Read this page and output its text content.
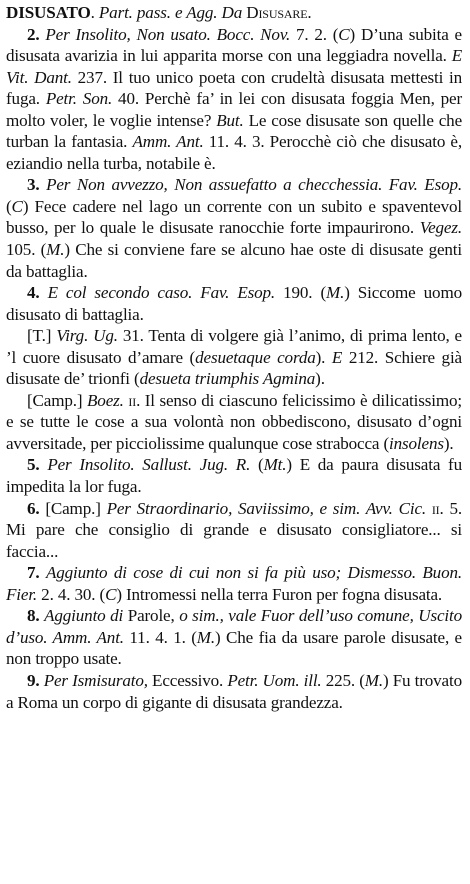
DISUSATO. Part. pass. e Agg. Da Disusare.

2. Per Insolito, Non usato. Bocc. Nov. 7. 2. (C) D’una subita e disusata avarizia in lui apparita morse con una leggiadra novella. E Vit. Dant. 237. Il tuo unico poeta con crudeltà disusata mettesti in fuga. Petr. Son. 40. Perchè fa’ in lei con disusata foggia Men, per molto voler, le voglie intense? But. Le cose disusate son quelle che turban la fantasia. Amm. Ant. 11. 4. 3. Perocchè ciò che disusato è, eziandio nella turba, notabile è.

3. Per Non avvezzo, Non assuefatto a checchessia. Fav. Esop. (C) Fece cadere nel lago un corrente con un subito e spaventevol busso, per lo quale le disusate ranocchie forte impaurirono. Vegez. 105. (M.) Che si conviene fare se alcuno hae oste di disusate genti da battaglia.

4. E col secondo caso. Fav. Esop. 190. (M.) Siccome uomo disusato di battaglia.

[T.] Virg. Ug. 31. Tenta di volgere già l’animo, di prima lento, e ’l cuore disusato d’amare (desuetaque corda). E 212. Schiere già disusate de’ trionfi (desueta triumphis Agmina).

[Camp.] Boez. ii. Il senso di ciascuno felicissimo è dilicatissimo; e se tutte le cose a sua volontà non obbediscono, disusato d’ogni avversitade, per picciolissime qualunque cose strabocca (insolens).

5. Per Insolito. Sallust. Jug. R. (Mt.) E da paura disusata fu impedita la lor fuga.

6. [Camp.] Per Straordinario, Saviissimo, e sim. Avv. Cic. ii. 5. Mi pare che consiglio di grande e disusato consigliatore... si faccia...

7. Aggiunto di cose di cui non si fa più uso; Dismesso. Buon. Fier. 2. 4. 30. (C) Intromessi nella terra Furon per fogna disusata.

8. Aggiunto di Parole, o sim., vale Fuor dell’uso comune, Uscito d’uso. Amm. Ant. 11. 4. 1. (M.) Che fia da usare parole disusate, e non troppo usate.

9. Per Ismisurato, Eccessivo. Petr. Uom. ill. 225. (M.) Fu trovato a Roma un corpo di gigante di disusata grandezza.
